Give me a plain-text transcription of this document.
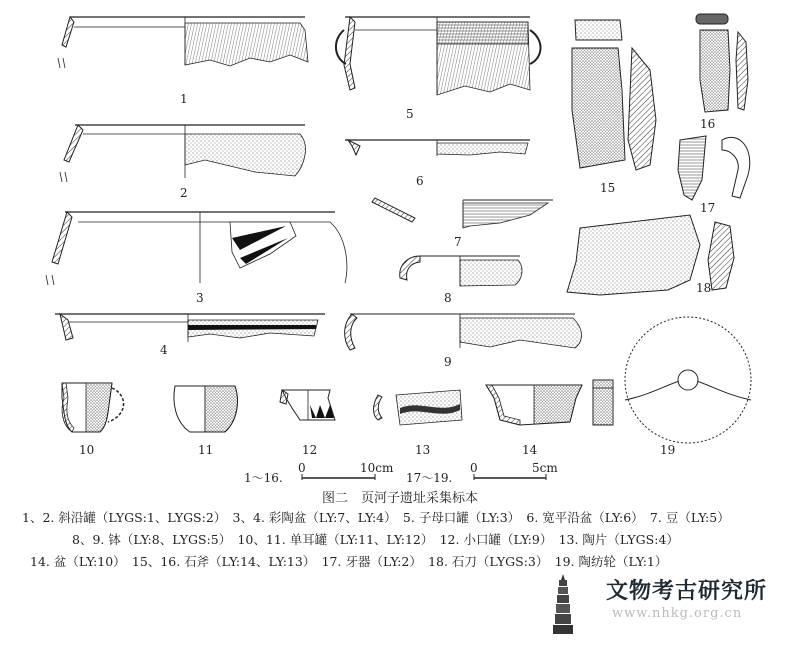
1
2
3
4
5
6
7
8
9
10	11	12	13	14
15
16
17
18
19
1～16.
0	10cm
17～19.
0	5cm
图二　页河子遗址采集标本
1、2. 斜沿罐（LYGS:1、LYGS:2）　3、4. 彩陶盆（LY:7、LY:4）　5. 子母口罐（LY:3）　6. 宽平沿盆（LY:6）　7. 豆（LY:5）
8、9. 钵（LY:8、LYGS:5）　10、11. 单耳罐（LY:11、LY:12）　12. 小口罐（LY:9）　13. 陶片（LYGS:4）
14. 盆（LY:10）　15、16. 石斧（LY:14、LY:13）　17. 牙器（LY:2）　18. 石刀（LYGS:3）　19. 陶纺轮（LY:1）
文物考古研究所
www.nhkg.org.cn
